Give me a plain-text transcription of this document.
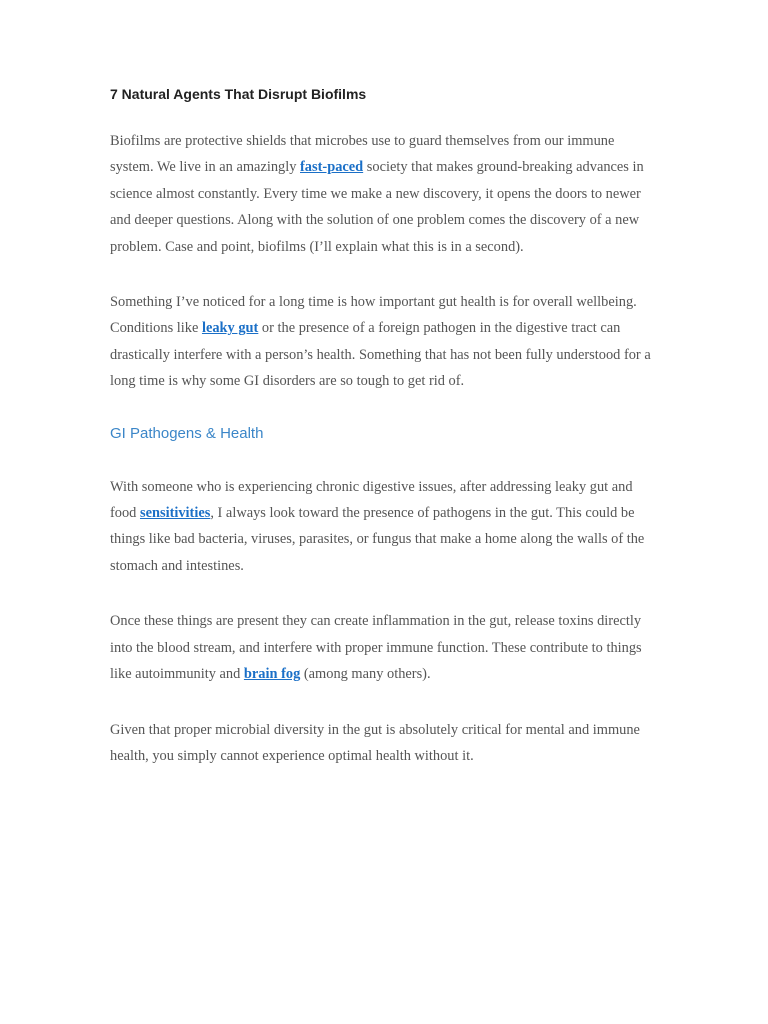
7 Natural Agents That Disrupt Biofilms

Biofilms are protective shields that microbes use to guard themselves from our immune system. We live in an amazingly fast-paced society that makes ground-breaking advances in science almost constantly. Every time we make a new discovery, it opens the doors to newer and deeper questions. Along with the solution of one problem comes the discovery of a new problem. Case and point, biofilms (I’ll explain what this is in a second).

Something I’ve noticed for a long time is how important gut health is for overall wellbeing. Conditions like leaky gut or the presence of a foreign pathogen in the digestive tract can drastically interfere with a person’s health. Something that has not been fully understood for a long time is why some GI disorders are so tough to get rid of.

GI Pathogens & Health

With someone who is experiencing chronic digestive issues, after addressing leaky gut and food sensitivities, I always look toward the presence of pathogens in the gut. This could be things like bad bacteria, viruses, parasites, or fungus that make a home along the walls of the stomach and intestines.

Once these things are present they can create inflammation in the gut, release toxins directly into the blood stream, and interfere with proper immune function. These contribute to things like autoimmunity and brain fog (among many others).

Given that proper microbial diversity in the gut is absolutely critical for mental and immune health, you simply cannot experience optimal health without it.
